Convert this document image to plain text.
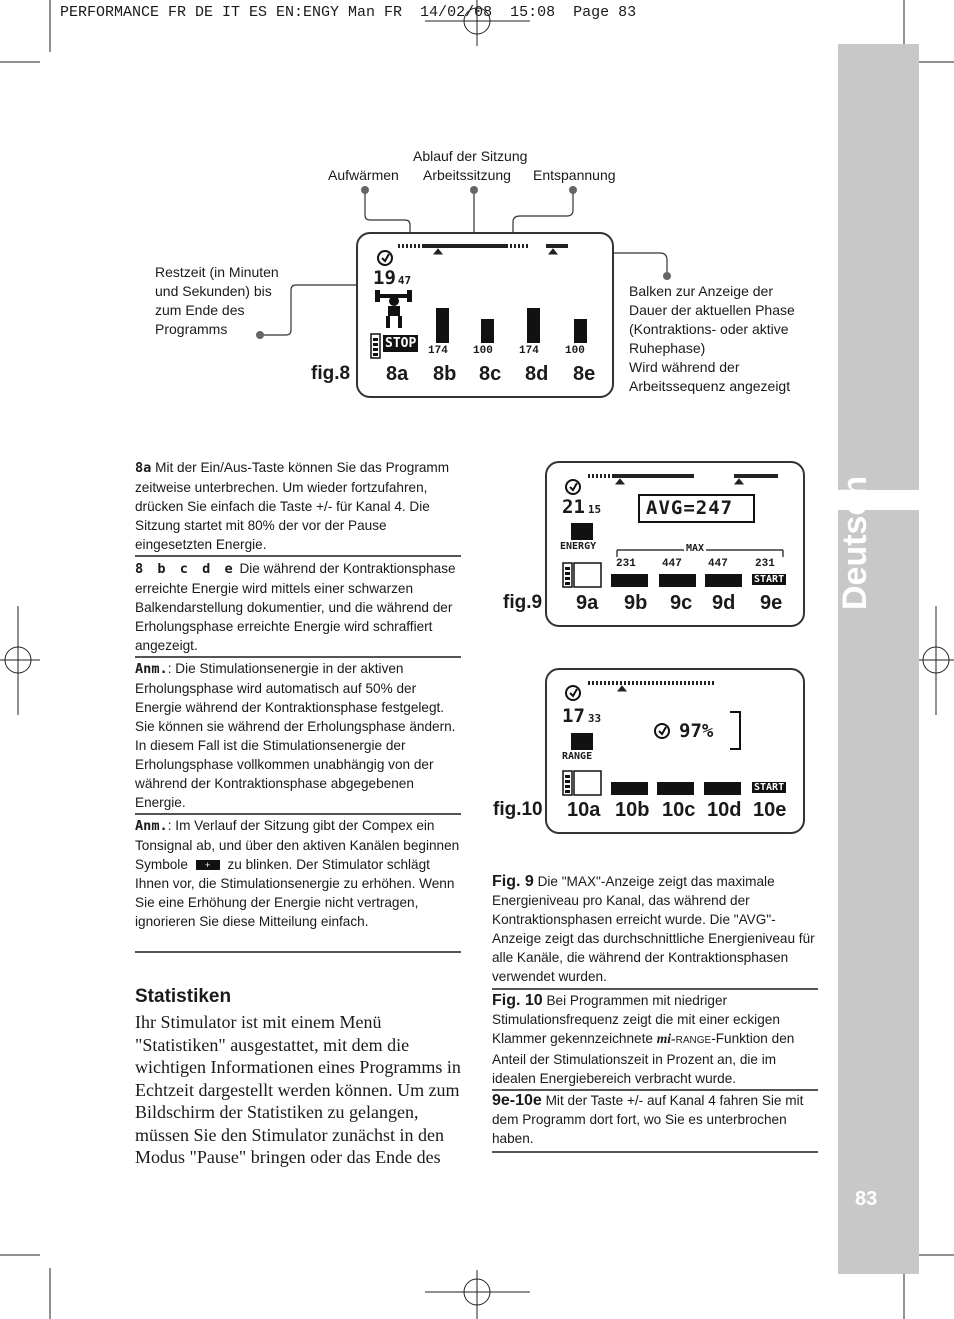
PERFORMANCE FR DE IT ES EN:ENGY Man FR  14/02/08  15:08  Page 83
Deutsch
83
Ablauf der Sitzung
Aufwärmen Arbeitssitzung Entspannung
Restzeit (in Minuten und Sekunden) bis zum Ende des Programms
Balken zur Anzeige der Dauer der aktuellen Phase (Kontraktions- oder aktive Ruhephase)
Wird während der Arbeitssequenz angezeigt
19 47
STOP 174 100 174 100
fig.8 8a 8b 8c 8d 8e
21 15 AVG=247
ENERGY	MAX
231 447 447 231
START
fig.9 9a 9b 9c 9d 9e
17 33
97%
RANGE
START
fig.10 10a 10b 10c 10d 10e
8a Mit der Ein/Aus-Taste können Sie das Programm zeitweise unterbrechen. Um wieder fortzufahren, drücken Sie einfach die Taste +/- für Kanal 4. Die Sitzung startet mit 80% der vor der Pause eingesetzten Energie.
8 b c d e Die während der Kontraktionsphase erreichte Energie wird mittels einer schwarzen Balkendarstellung dokumentier, und die während der Erholungsphase erreichte Energie wird schraffiert angezeigt.
Anm.: Die Stimulationsenergie in der aktiven Erholungsphase wird automatisch auf 50% der Energie während der Kontraktionsphase festgelegt. Sie können sie während der Erholungsphase ändern. In diesem Fall ist die Stimulationsenergie der Erholungsphase vollkommen unabhängig von der während der Kontraktionsphase abgegebenen Energie.
Anm.: Im Verlauf der Sitzung gibt der Compex ein Tonsignal ab, und über den aktiven Kanälen beginnen Symbole + zu blinken. Der Stimulator schlägt Ihnen vor, die Stimulationsenergie zu erhöhen. Wenn Sie eine Erhöhung der Energie nicht vertragen, ignorieren Sie diese Mitteilung einfach.
Statistiken
Ihr Stimulator ist mit einem Menü "Statistiken" ausgestattet, mit dem die wichtigen Informationen eines Programms in Echtzeit dargestellt werden können. Um zum Bildschirm der Statistiken zu gelangen, müssen Sie den Stimulator zunächst in den Modus "Pause" bringen oder das Ende des
Fig. 9 Die "MAX"-Anzeige zeigt das maximale Energieniveau pro Kanal, das während der Kontraktionsphasen erreicht wurde. Die "AVG"-Anzeige zeigt das durchschnittliche Energieniveau für alle Kanäle, die während der Kontraktionsphasen verwendet wurden.
Fig. 10 Bei Programmen mit niedriger Stimulationsfrequenz zeigt die mit einer eckigen Klammer gekennzeichnete mi-RANGE-Funktion den Anteil der Stimulationszeit in Prozent an, die im idealen Energiebereich verbracht wurde.
9e-10e Mit der Taste +/- auf Kanal 4 fahren Sie mit dem Programm dort fort, wo Sie es unterbrochen haben.
